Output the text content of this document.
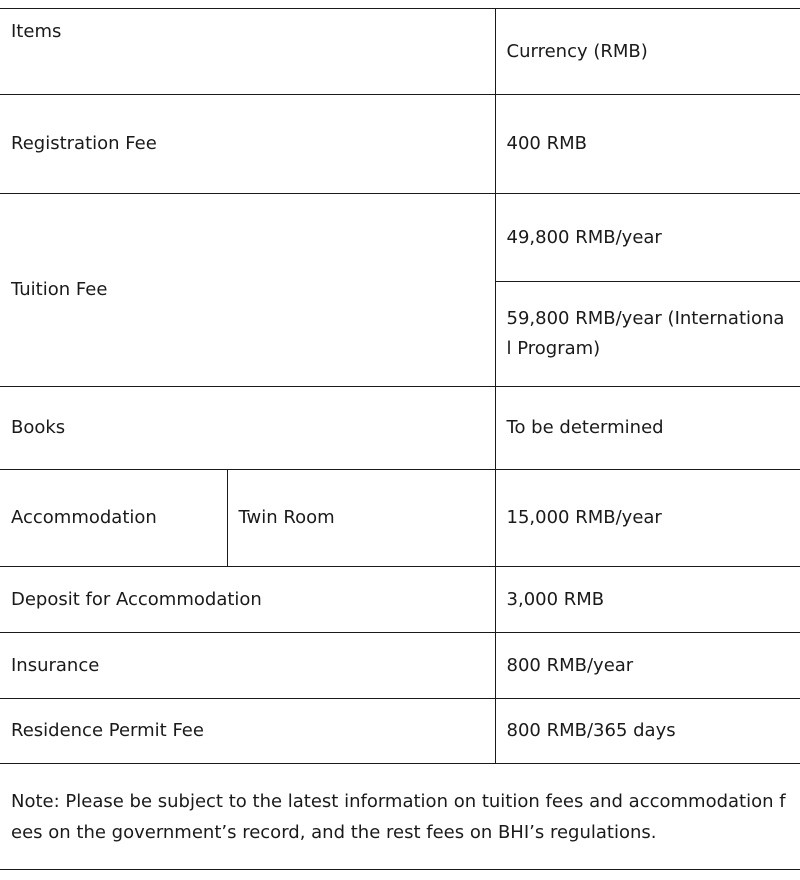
Items		Currency (RMB)
Registration Fee		400 RMB
Tuition Fee		49,800 RMB/year
		59,800 RMB/year (International Program)
Books		To be determined
Accommodation	Twin Room	15,000 RMB/year
Deposit for Accommodation		3,000 RMB
Insurance		800 RMB/year
Residence Permit Fee		800 RMB/365 days
Note: Please be subject to the latest information on tuition fees and accommodation fees on the government’s record, and the rest fees on BHI’s regulations.		
